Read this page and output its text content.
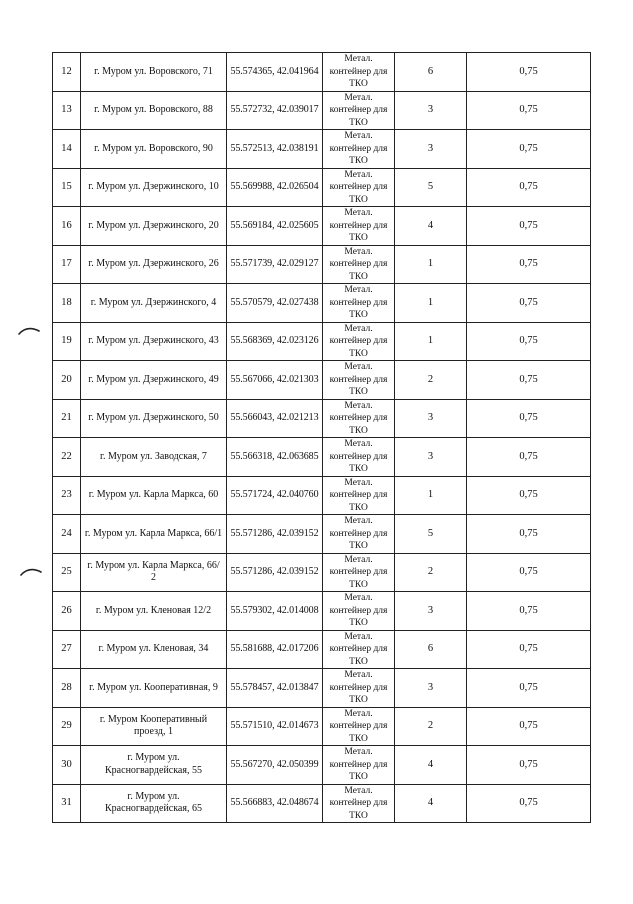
12	г. Муром ул. Воровского, 71	55.574365, 42.041964	Метал.
контейнер для
ТКО	6	0,75
13	г. Муром ул. Воровского, 88	55.572732, 42.039017	Метал.
контейнер для
ТКО	3	0,75
14	г. Муром ул. Воровского, 90	55.572513, 42.038191	Метал.
контейнер для
ТКО	3	0,75
15	г. Муром ул. Дзержинского, 10	55.569988, 42.026504	Метал.
контейнер для
ТКО	5	0,75
16	г. Муром ул. Дзержинского, 20	55.569184, 42.025605	Метал.
контейнер для
ТКО	4	0,75
17	г. Муром ул. Дзержинского, 26	55.571739, 42.029127	Метал.
контейнер для
ТКО	1	0,75
18	г. Муром ул. Дзержинского, 4	55.570579, 42.027438	Метал.
контейнер для
ТКО	1	0,75
19	г. Муром ул. Дзержинского, 43	55.568369, 42.023126	Метал.
контейнер для
ТКО	1	0,75
20	г. Муром ул. Дзержинского, 49	55.567066, 42.021303	Метал.
контейнер для
ТКО	2	0,75
21	г. Муром ул. Дзержинского, 50	55.566043, 42.021213	Метал.
контейнер для
ТКО	3	0,75
22	г. Муром ул. Заводская, 7	55.566318, 42.063685	Метал.
контейнер для
ТКО	3	0,75
23	г. Муром ул. Карла Маркса, 60	55.571724, 42.040760	Метал.
контейнер для
ТКО	1	0,75
24	г. Муром ул. Карла Маркса, 66/1	55.571286, 42.039152	Метал.
контейнер для
ТКО	5	0,75
25	г. Муром ул. Карла Маркса, 66/ 2	55.571286, 42.039152	Метал.
контейнер для
ТКО	2	0,75
26	г. Муром ул. Кленовая 12/2	55.579302, 42.014008	Метал.
контейнер для
ТКО	3	0,75
27	г. Муром ул. Кленовая, 34	55.581688, 42.017206	Метал.
контейнер для
ТКО	6	0,75
28	г. Муром ул. Кооперативная, 9	55.578457, 42.013847	Метал.
контейнер для
ТКО	3	0,75
29	г. Муром Кооперативный проезд, 1	55.571510, 42.014673	Метал.
контейнер для
ТКО	2	0,75
30	г. Муром ул. Красногвардейская, 55	55.567270, 42.050399	Метал.
контейнер для
ТКО	4	0,75
31	г. Муром ул. Красногвардейская, 65	55.566883, 42.048674	Метал.
контейнер для
ТКО	4	0,75
